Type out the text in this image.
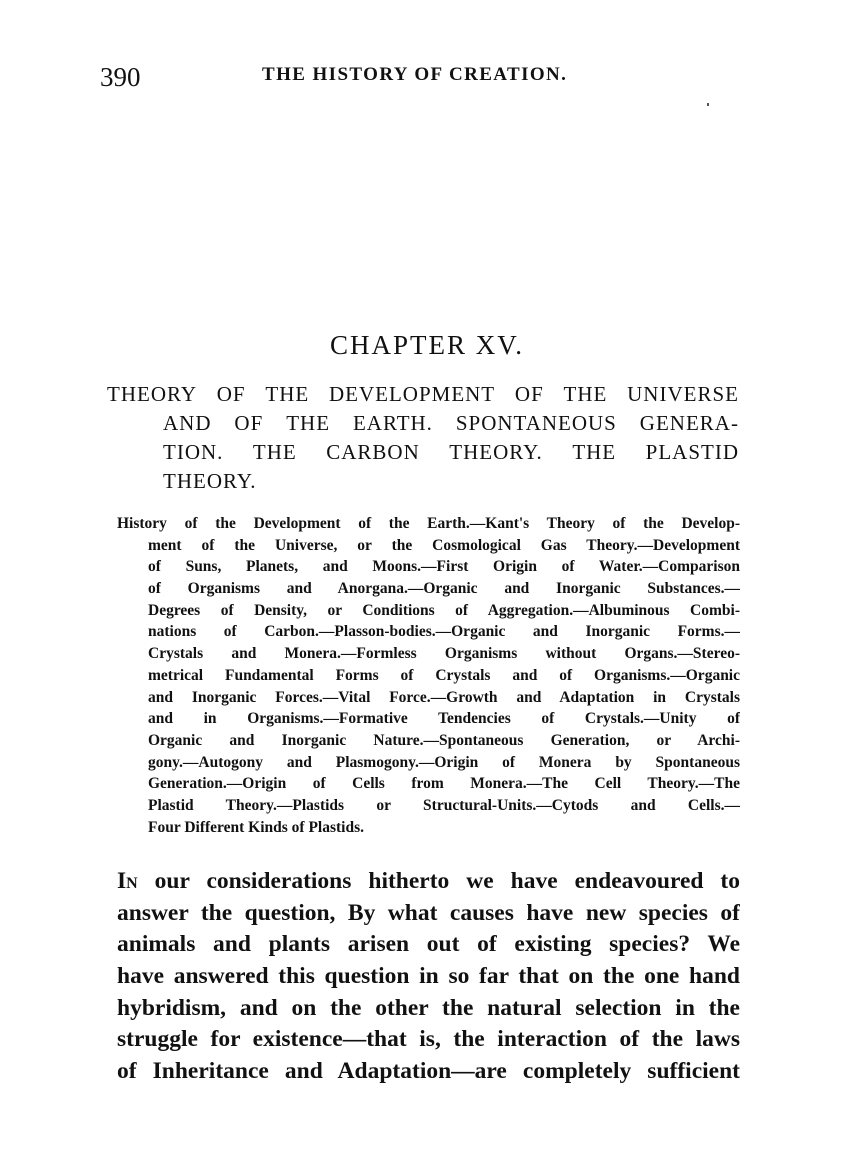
390	THE HISTORY OF CREATION.
CHAPTER XV.
THEORY OF THE DEVELOPMENT OF THE UNIVERSE
AND OF THE EARTH. SPONTANEOUS GENERA-
TION. THE CARBON THEORY. THE PLASTID
THEORY.
History of the Development of the Earth.—Kant's Theory of the Develop-
ment of the Universe, or the Cosmological Gas Theory.—Development
of Suns, Planets, and Moons.—First Origin of Water.—Comparison
of Organisms and Anorgana.—Organic and Inorganic Substances.—
Degrees of Density, or Conditions of Aggregation.—Albuminous Combi-
nations of Carbon.—Plasson-bodies.—Organic and Inorganic Forms.—
Crystals and Monera.—Formless Organisms without Organs.—Stereo-
metrical Fundamental Forms of Crystals and of Organisms.—Organic
and Inorganic Forces.—Vital Force.—Growth and Adaptation in Crystals
and in Organisms.—Formative Tendencies of Crystals.—Unity of
Organic and Inorganic Nature.—Spontaneous Generation, or Archi-
gony.—Autogony and Plasmogony.—Origin of Monera by Spontaneous
Generation.—Origin of Cells from Monera.—The Cell Theory.—The
Plastid Theory.—Plastids or Structural-Units.—Cytods and Cells.—
Four Different Kinds of Plastids.
In our considerations hitherto we have endeavoured to
answer the question, By what causes have new species of
animals and plants arisen out of existing species? We
have answered this question in so far that on the one hand
hybridism, and on the other the natural selection in the
struggle for existence—that is, the interaction of the laws
of Inheritance and Adaptation—are completely sufficient
